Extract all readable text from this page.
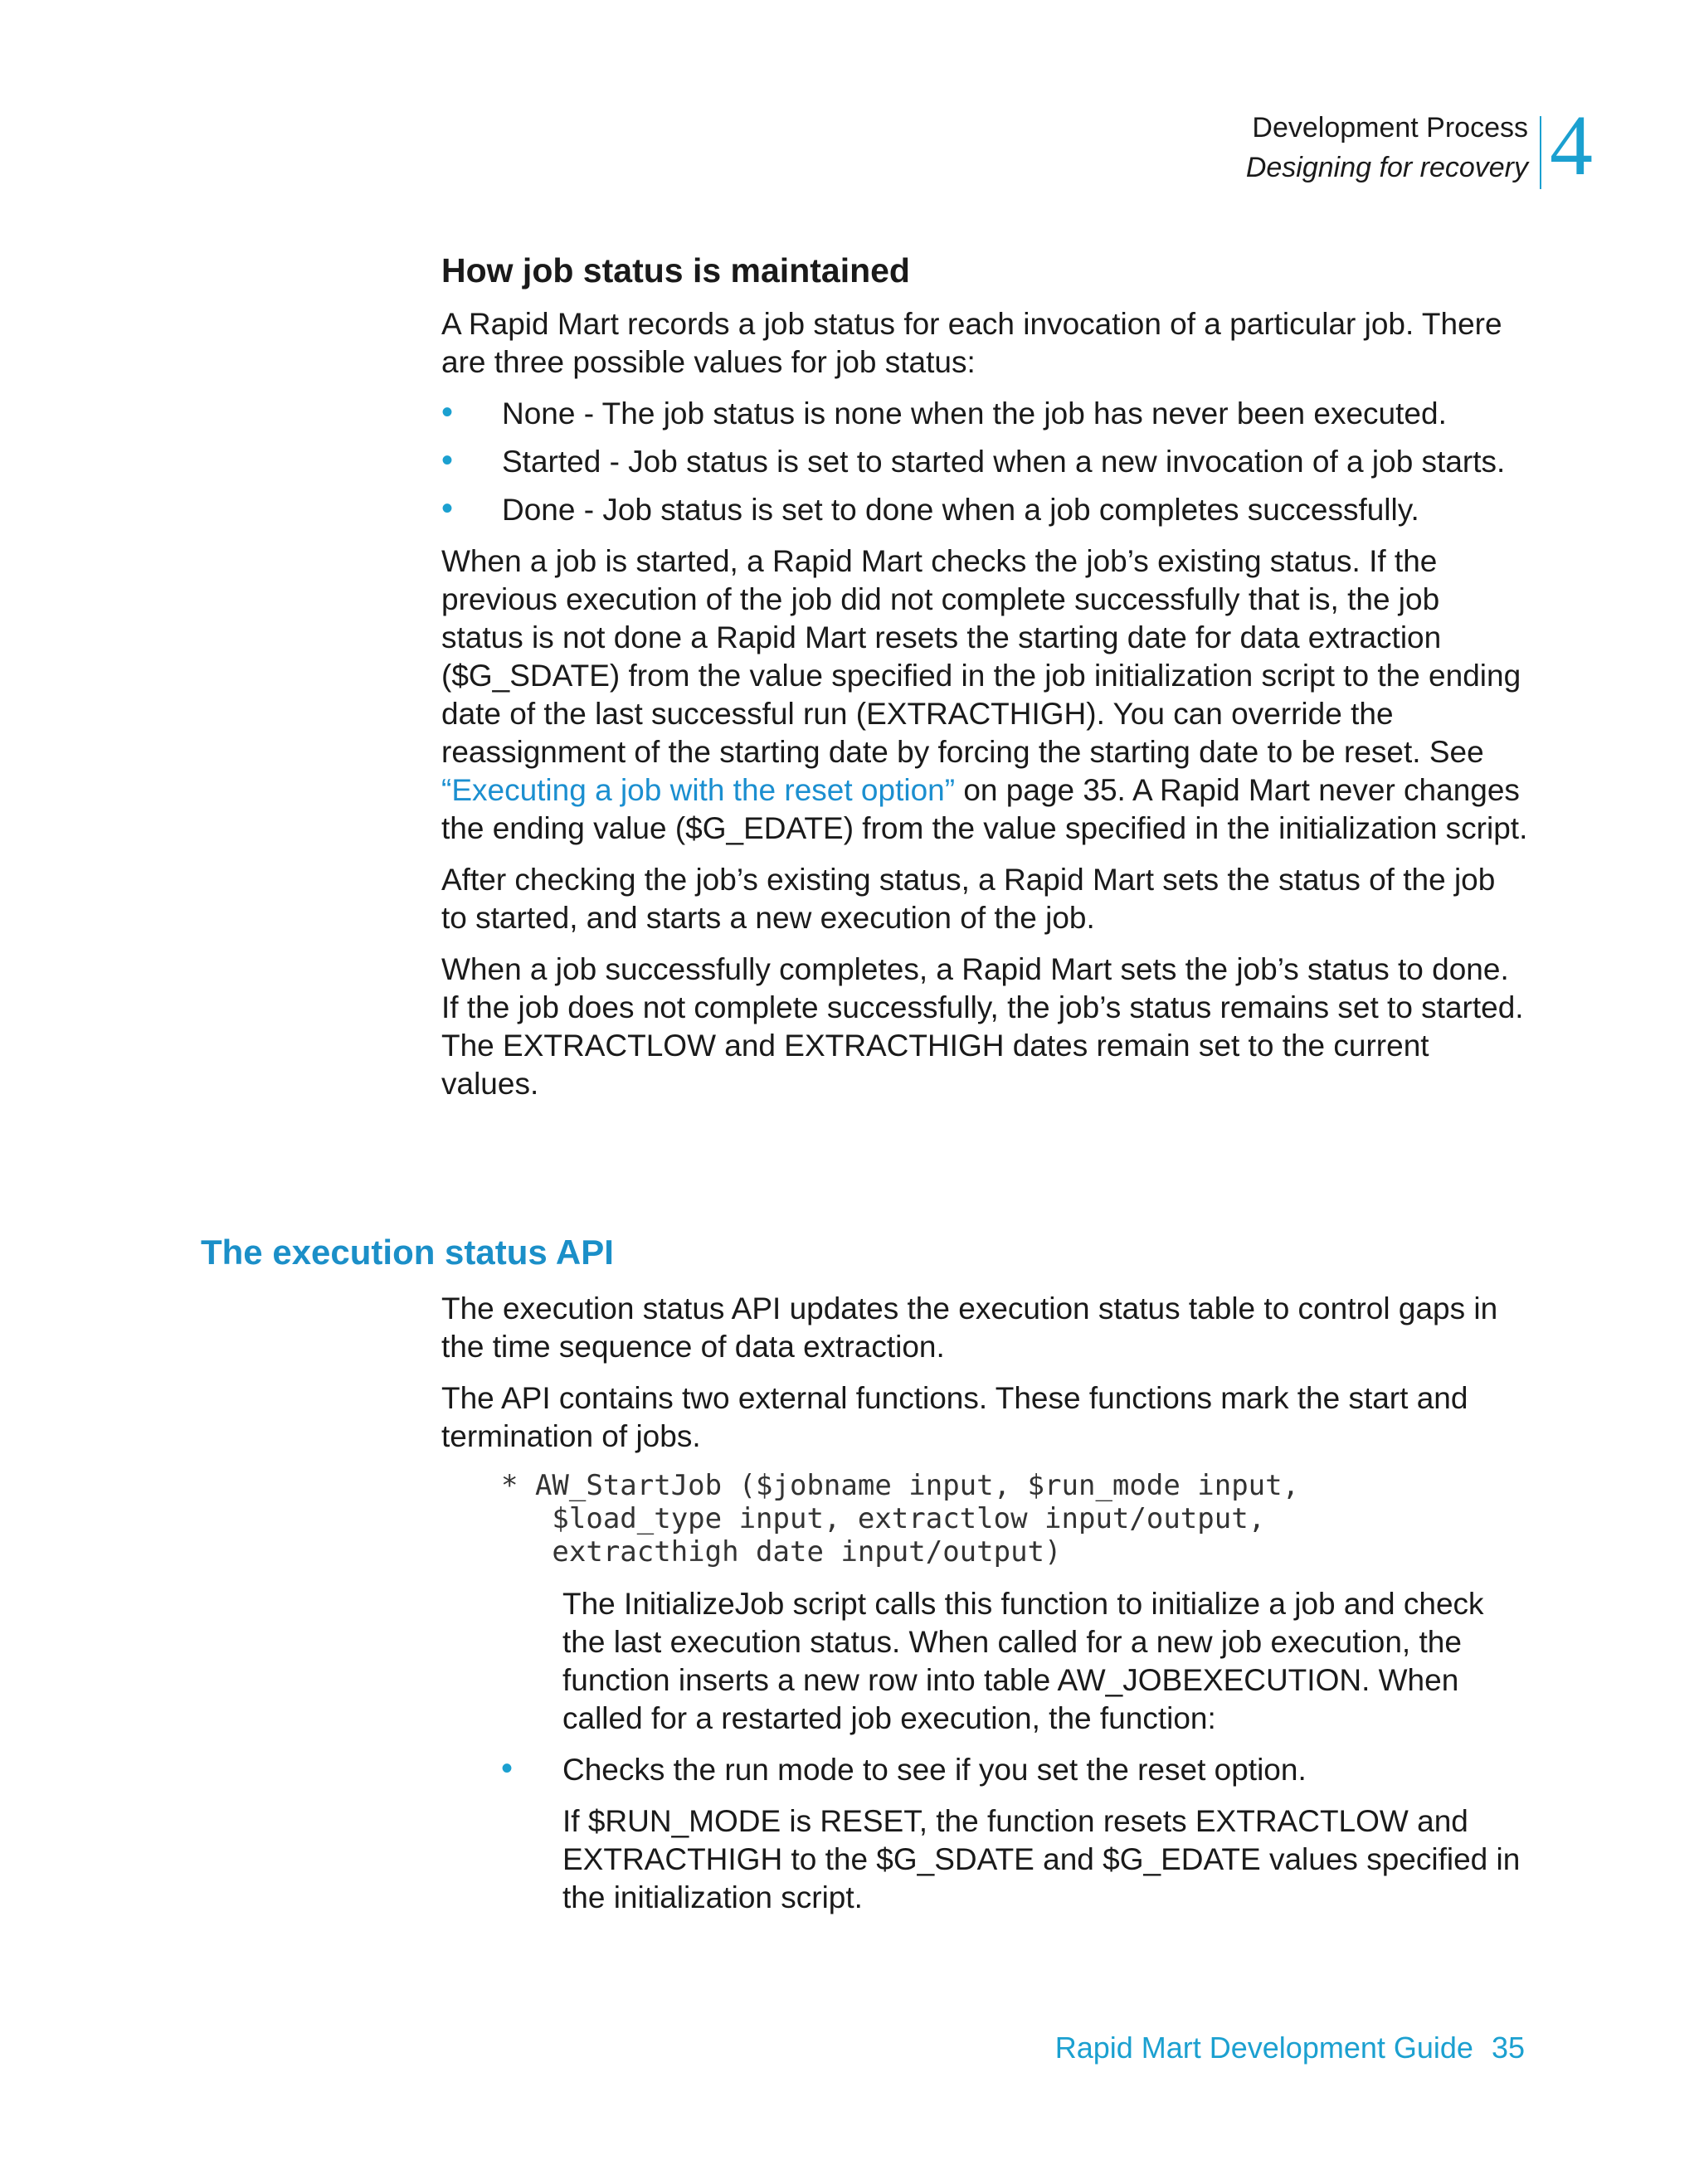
Development Process
Designing for recovery 4
How job status is maintained

A Rapid Mart records a job status for each invocation of a particular job. There are three possible values for job status:

• None - The job status is none when the job has never been executed.
• Started - Job status is set to started when a new invocation of a job starts.
• Done - Job status is set to done when a job completes successfully.

When a job is started, a Rapid Mart checks the job’s existing status. If the previous execution of the job did not complete successfully that is, the job status is not done a Rapid Mart resets the starting date for data extraction ($G_SDATE) from the value specified in the job initialization script to the ending date of the last successful run (EXTRACTHIGH). You can override the reassignment of the starting date by forcing the starting date to be reset. See “Executing a job with the reset option” on page 35. A Rapid Mart never changes the ending value ($G_EDATE) from the value specified in the initialization script.

After checking the job’s existing status, a Rapid Mart sets the status of the job to started, and starts a new execution of the job.

When a job successfully completes, a Rapid Mart sets the job’s status to done. If the job does not complete successfully, the job’s status remains set to started. The EXTRACTLOW and EXTRACTHIGH dates remain set to the current values.

The execution status API

The execution status API updates the execution status table to control gaps in the time sequence of data extraction.

The API contains two external functions. These functions mark the start and termination of jobs.

* AW_StartJob ($jobname input, $run_mode input,
$load_type input, extractlow input/output,
extracthigh date input/output)

The InitializeJob script calls this function to initialize a job and check the last execution status. When called for a new job execution, the function inserts a new row into table AW_JOBEXECUTION. When called for a restarted job execution, the function:

• Checks the run mode to see if you set the reset option.

If $RUN_MODE is RESET, the function resets EXTRACTLOW and EXTRACTHIGH to the $G_SDATE and $G_EDATE values specified in the initialization script.

Rapid Mart Development Guide 35
